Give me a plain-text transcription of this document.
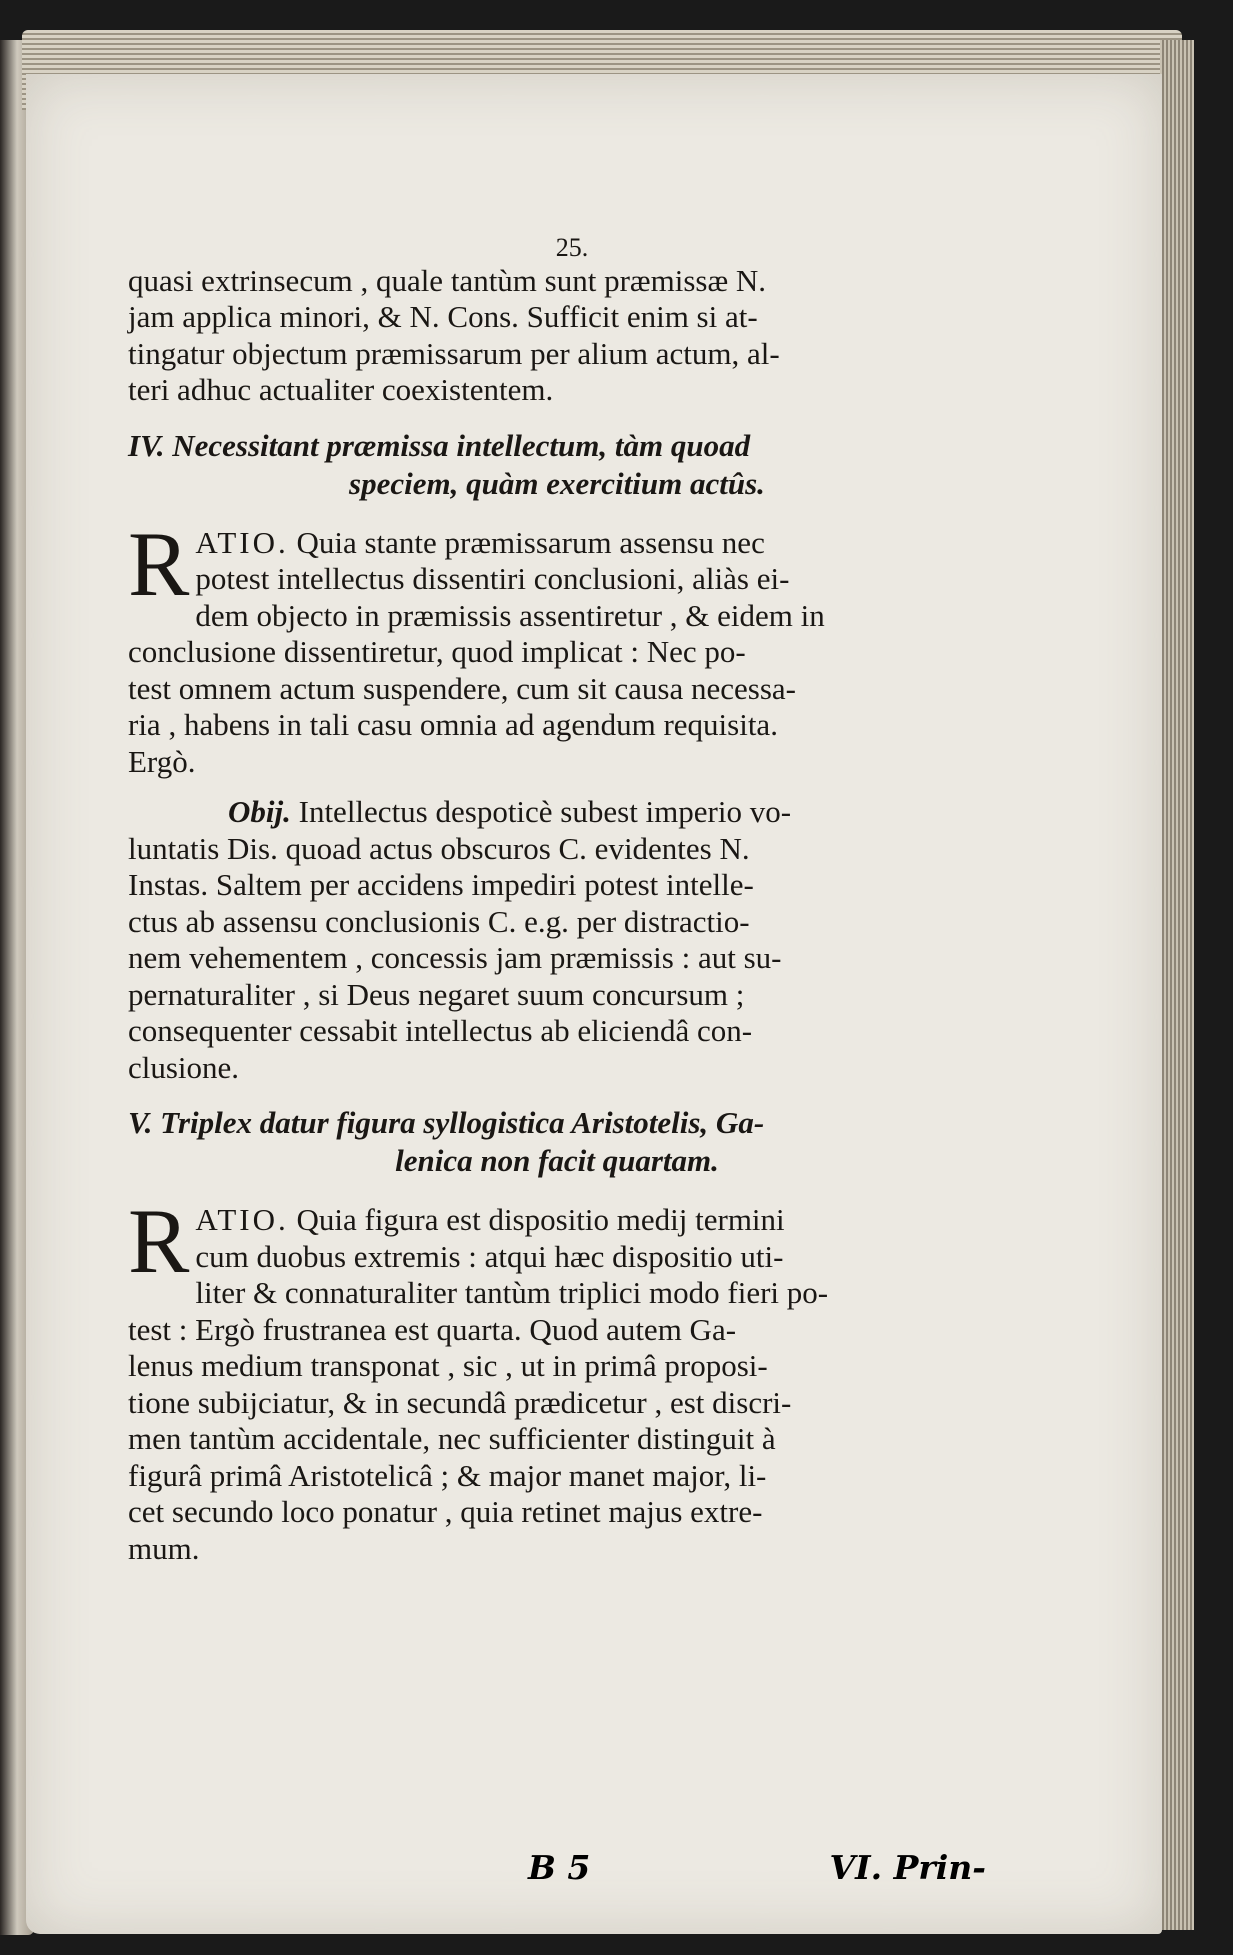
25.

quasi extrinsecum , quale tantùm sunt præmissæ N.

jam applica minori, & N. Cons. Sufficit enim si at-

tingatur objectum præmissarum per alium actum, al-

teri adhuc actualiter coexistentem.

IV. Necessitant præmissa intellectum, tàm quoad
speciem, quàm exercitium actûs.
R ATIO. Quia stante præmissarum assensu nec

potest intellectus dissentiri conclusioni, aliàs ei-

dem objecto in præmissis assentiretur , & eidem in

conclusione dissentiretur, quod implicat : Nec po-

test omnem actum suspendere, cum sit causa necessa-

ria , habens in tali casu omnia ad agendum requisita.

Ergò.

Obij. Intellectus despoticè subest imperio vo-

luntatis Dis. quoad actus obscuros C. evidentes N.

Instas. Saltem per accidens impediri potest intelle-

ctus ab assensu conclusionis C. e.g. per distractio-

nem vehementem , concessis jam præmissis : aut su-

pernaturaliter , si Deus negaret suum concursum ;

consequenter cessabit intellectus ab eliciendâ con-

clusione.

V. Triplex datur figura syllogistica Aristotelis, Ga-
lenica non facit quartam.
R ATIO. Quia figura est dispositio medij termini

cum duobus extremis : atqui hæc dispositio uti-

liter & connaturaliter tantùm triplici modo fieri po-

test : Ergò frustranea est quarta. Quod autem Ga-

lenus medium transponat , sic , ut in primâ proposi-

tione subijciatur, & in secundâ prædicetur , est discri-

men tantùm accidentale, nec sufficienter distinguit à

figurâ primâ Aristotelicâ ; & major manet major, li-

cet secundo loco ponatur , quia retinet majus extre-

mum.

B 5	VI. Prin-
